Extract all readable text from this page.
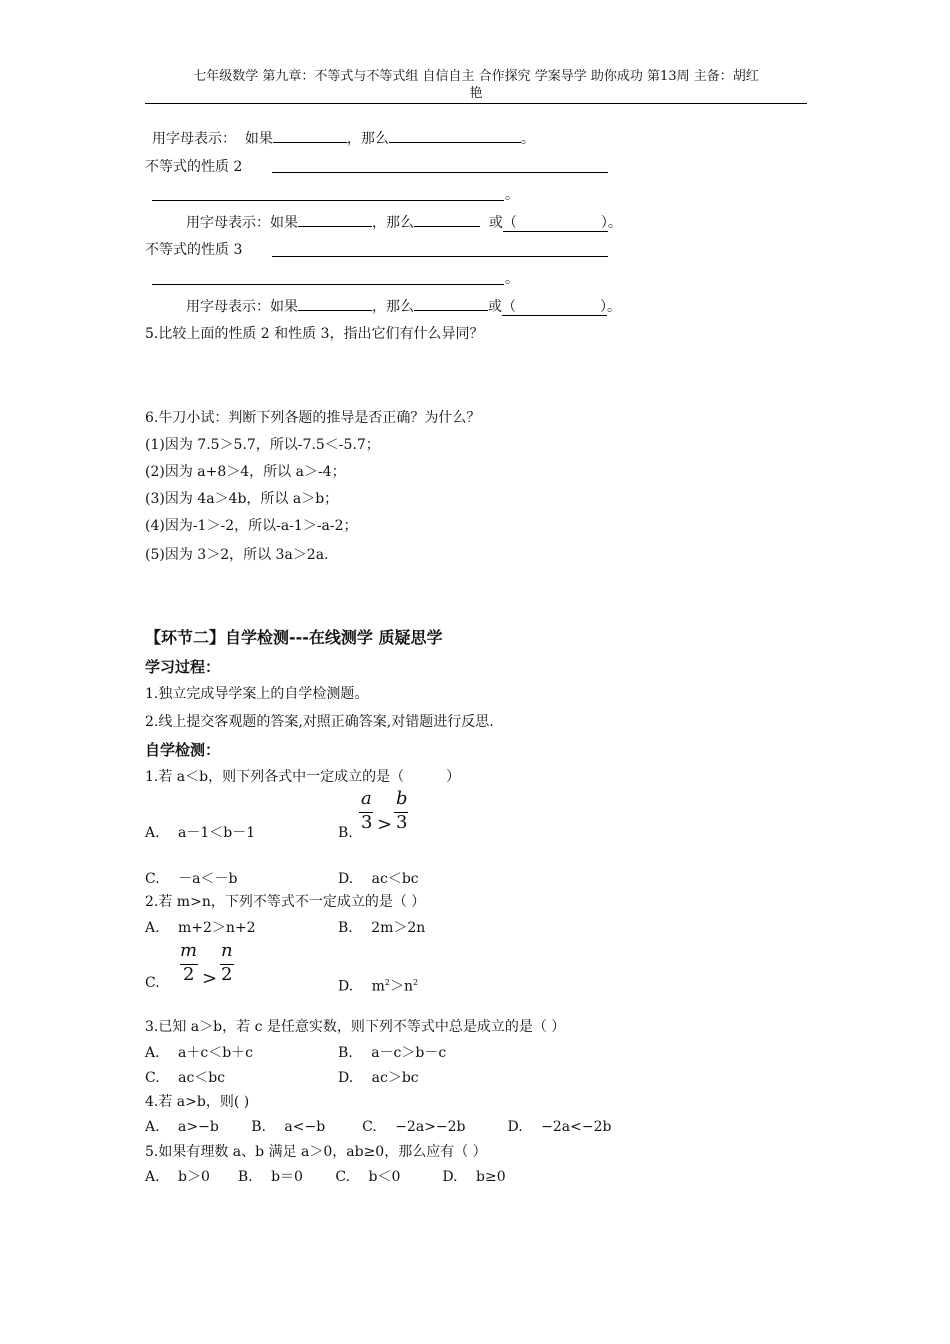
七年级数学 第九章：不等式与不等式组 自信自主 合作探究 学案导学 助你成功 第13周 主备：胡红
艳
用字母表示： 如果	，那么	。
不等式的性质 2
。
用字母表示：如果	，那么	或（	）。
不等式的性质 3
。
用字母表示：如果	，那么	或（	）。
5.比较上面的性质 2 和性质 3，指出它们有什么异同？
6.牛刀小试：判断下列各题的推导是否正确？为什么？
(1)因为 7.5＞5.7，所以-7.5＜-5.7；
(2)因为 a+8＞4，所以 a＞-4；
(3)因为 4a＞4b，所以 a＞b；
(4)因为-1＞-2，所以-a-1＞-a-2；
(5)因为 3＞2，所以 3a＞2a.
【环节二】自学检测---在线测学 质疑思学
学习过程：
1.独立完成导学案上的自学检测题。
2.线上提交客观题的答案,对照正确答案,对错题进行反思.
自学检测：
1.若 a＜b，则下列各式中一定成立的是（　　　）
A.　 a－1＜b－1	B.
a
3 >
b
3
C.　 －a＜－b	D.　 ac＜bc
2.若 m>n，下列不等式不一定成立的是（ ）
A.　 m+2＞n+2	B.　 2m＞2n
C.
m
2 >
n
2
D.　 $m^2>n^2$
3.已知 a＞b，若 c 是任意实数，则下列不等式中总是成立的是（ ）
A.　 a＋c＜b＋c	B.　 a－c＞b－c
C.　 ac＜bc	D.　 ac＞bc
4.若 a>b，则( )
A.　 a>−b　 　B.　 a<−b　 　 C.　 −2a>−2b　　　D.　 −2a<−2b
5.如果有理数 a、b 满足 a＞0，ab≥0，那么应有（ ）
A.　 b＞0　　B.　 b＝0　　 C.　 b＜0　　　D.　 b≥0
